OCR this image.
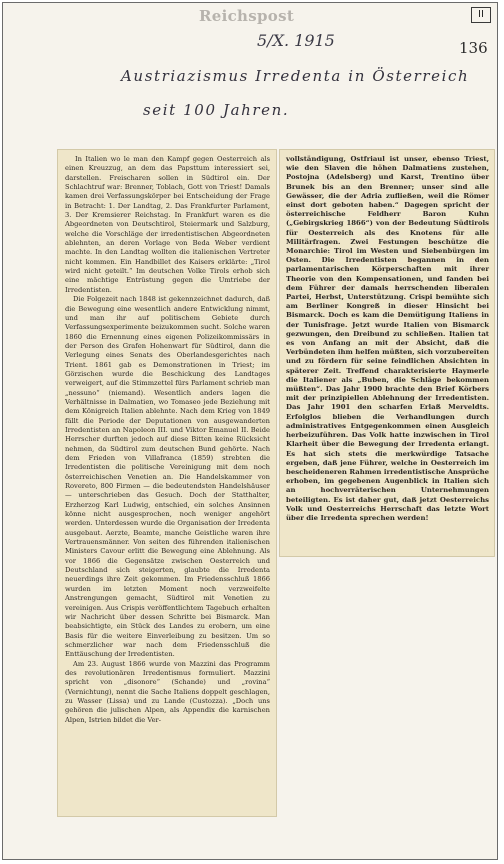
Reichspost	II
5/X. 1915	136
Austriazismus Irredenta in Österreich
seit 100 Jahren.

In Italien wo le man den Kampf gegen Oesterreich als einen Kreuzzug, an dem das Papsttum interessiert sei, darstellen. Freischaren sollen in Südtirol ein. Der Schlachtruf war: Brenner, Toblach, Gott von Triest! Damals kamen drei Verfassungskörper bei Entscheidung der Frage in Betracht: 1. Der Landtag, 2. Das Frankfurter Parlament, 3. Der Kremsierer Reichstag. In Frankfurt waren es die Abgeordneten von Deutschtirol, Steiermark und Salzburg, welche die Vorschläge der irredentistischen Abgeordneten ablehnten, an deren Vorlage von Beda Weber verdient machte. In den Landtag wollten die italienischen Vertreter nicht kommen. Ein Handbillet des Kaisers erklärte: „Tirol wird nicht geteilt.“ Im deutschen Volke Tirols erhob sich eine mächtige Entrüstung gegen die Umtriebe der Irredentisten.

Die Folgezeit nach 1848 ist gekennzeichnet dadurch, daß die Bewegung eine wesentlich andere Entwicklung nimmt, und man ihr auf politischem Gebiete durch Verfassungsexperimente beizukommen sucht. Solche waren 1860 die Ernennung eines eigenen Polizeikommissärs in der Person des Grafen Hohenwart für Südtirol, dann die Verlegung eines Senats des Oberlandesgerichtes nach Trient. 1861 gab es Demonstrationen in Triest; im Görzischen wurde die Beschickung des Landtages verweigert, auf die Stimmzettel fürs Parlament schrieb man „nessuno“ (niemand). Wesentlich anders lagen die Verhältnisse in Dalmatien, wo Tomaseo jede Beziehung mit dem Königreich Italien ablehnte. Nach dem Krieg von 1849 fällt die Periode der Deputationen von ausgewanderten Irredentisten an Napoleon III. und Viktor Emanuel II. Beide Herrscher durften jedoch auf diese Bitten keine Rücksicht nehmen, da Südtirol zum deutschen Bund gehörte. Nach dem Frieden von Villafranca (1859) strebten die Irredentisten die politische Vereinigung mit dem noch österreichischen Venetien an. Die Handelskammer von Rovereto, 800 Firmen — die bedeutendsten Handelshäuser — unterschrieben das Gesuch. Doch der Statthalter, Erzherzog Karl Ludwig, entschied, ein solches Ansinnen könne nicht ausgesprochen, noch weniger angehört werden. Unterdessen wurde die Organisation der Irredenta ausgebaut. Aerzte, Beamte, manche Geistliche waren ihre Vertrauensmänner. Von seiten des führenden italienischen Ministers Cavour erlitt die Bewegung eine Ablehnung. Als vor 1866 die Gegensätze zwischen Oesterreich und Deutschland sich steigerten, glaubte die Irredenta neuerdings ihre Zeit gekommen. Im Friedensschluß 1866 wurden im letzten Moment noch verzweifelte Anstrengungen gemacht, Südtirol mit Venetien zu vereinigen. Aus Crispis veröffentlichtem Tagebuch erhalten wir Nachricht über dessen Schritte bei Bismarck. Man beabsichtigte, ein Stück des Landes zu erobern, um eine Basis für die weitere Einverleibung zu besitzen. Um so schmerzlicher war nach dem Friedensschluß die Enttäuschung der Irredentisten.

Am 23. August 1866 wurde von Mazzini das Programm des revolutionären Irredentismus formuliert. Mazzini spricht von „disonore“ (Schande) und „rovina“ (Vernichtung), nennt die Sache Italiens doppelt geschlagen, zu Wasser (Lissa) und zu Lande (Custozza). „Doch uns gehören die julischen Alpen, als Appendix die karnischen Alpen, Istrien bildet die Ver-

vollständigung, Ostfriaul ist unser, ebenso Triest, wie den Slaven die höhen Dalmatiens zustehen, Postojna (Adelsberg) und Karst, Trentino über Brunek bis an den Brenner; unser sind alle Gewässer, die der Adria zufließen, weil die Römer einst dort geboten haben.“ Dagegen spricht der österreichische Feldherr Baron Kuhn („Gebirgskrieg 1866“) von der Bedeutung Südtirols für Oesterreich als des Knotens für alle Militärfragen. Zwei Festungen beschütze die Monarchie: Tirol im Westen und Siebenbürgen im Osten. Die Irredentisten begannen in den parlamentarischen Körperschaften mit ihrer Theorie von den Kompensationen, und fanden bei dem Führer der damals herrschenden liberalen Partei, Herbst, Unterstützung. Crispi bemühte sich am Berliner Kongreß in dieser Hinsicht bei Bismarck. Doch es kam die Demütigung Italiens in der Tunisfrage. Jetzt wurde Italien von Bismarck gezwungen, den Dreibund zu schließen. Italien tat es von Anfang an mit der Absicht, daß die Verbündeten ihm helfen müßten, sich vorzubereiten und zu fördern für seine feindlichen Absichten in späterer Zeit. Treffend charakterisierte Haymerle die Italiener als „Buben, die Schläge bekommen müßten“. Das Jahr 1900 brachte den Brief Körbers mit der prinzipiellen Ablehnung der Irredentisten. Das Jahr 1901 den scharfen Erlaß Merveldts. Erfolglos blieben die Verhandlungen durch administratives Entgegenkommen einen Ausgleich herbeizuführen. Das Volk hatte inzwischen in Tirol Klarheit über die Bewegung der Irredenta erlangt. Es hat sich stets die merkwürdige Tatsache ergeben, daß jene Führer, welche in Oesterreich im bescheideneren Rahmen irredentistische Ansprüche erhoben, im gegebenen Augenblick in Italien sich an hochverräterischen Unternehmungen beteiligten. Es ist daher gut, daß jetzt Oesterreichs Volk und Oesterreichs Herrschaft das letzte Wort über die Irredenta sprechen werden!
